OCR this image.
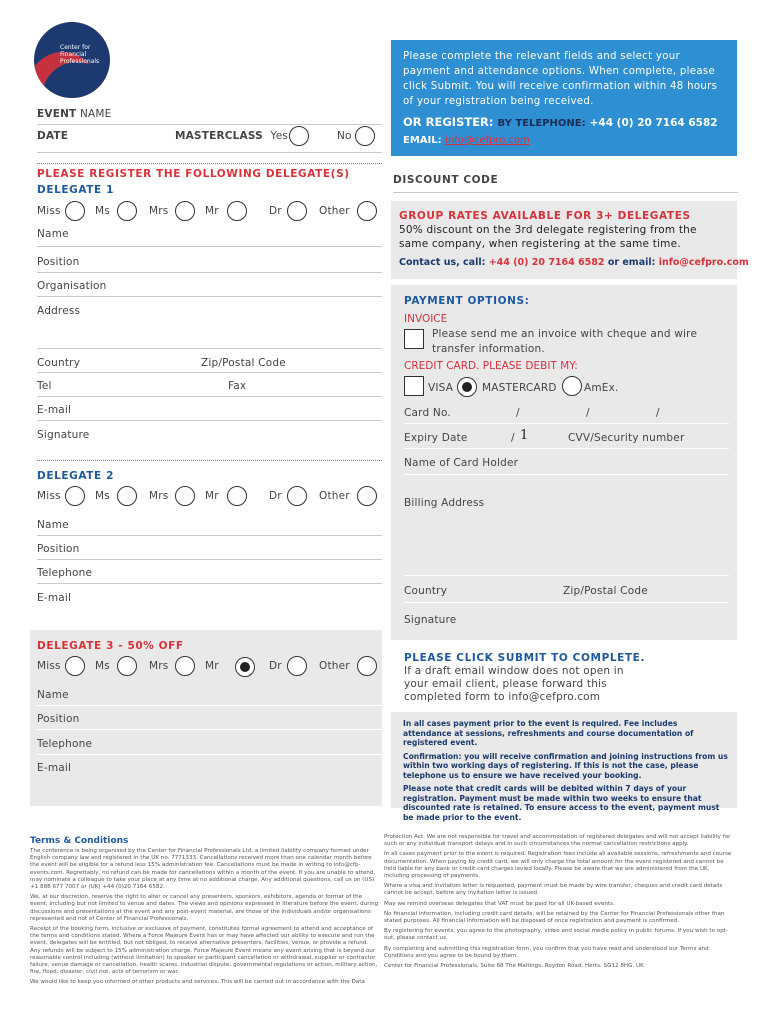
Center for
Financial
Professionals
EVENT NAME
DATE	MASTERCLASS Yes	No
Please complete the relevant fields and select your payment and attendance options. When complete, please click Submit. You will receive confirmation within 48 hours of your registration being received.
OR REGISTER: BY TELEPHONE: +44 (0) 20 7164 6582
EMAIL: info@cefpro.com
PLEASE REGISTER THE FOLLOWING DELEGATE(S)
DELEGATE 1
Miss	Ms	Mrs	Mr	Dr	Other
Name
Position
Organisation
Address
Country	Zip/Postal Code
Tel	Fax
E-mail
Signature
DELEGATE 2
Miss	Ms	Mrs	Mr	Dr	Other
Name
Position
Telephone
E-mail
DELEGATE 3 - 50% OFF
Miss	Ms	Mrs	Mr	Dr	Other
Name
Position
Telephone
E-mail
DISCOUNT CODE
GROUP RATES AVAILABLE FOR 3+ DELEGATES
50% discount on the 3rd delegate registering from the same company, when registering at the same time.
Contact us, call: +44 (0) 20 7164 6582 or email: info@cefpro.com
PAYMENT OPTIONS:
INVOICE
Please send me an invoice with cheque and wire transfer information.
CREDIT CARD. PLEASE DEBIT MY:
VISA	MASTERCARD	AmEx.
Card No.	/	/	/
Expiry Date	/ 1	CVV/Security number
Name of Card Holder
Billing Address
Country	Zip/Postal Code
Signature
PLEASE CLICK SUBMIT TO COMPLETE.
If a draft email window does not open in your email client, please forward this completed form to info@cefpro.com
In all cases payment prior to the event is required. Fee includes attendance at sessions, refreshments and course documentation of registered event.
Confirmation: you will receive confirmation and joining instructions from us within two working days of registering. If this is not the case, please telephone us to ensure we have received your booking.
Please note that credit cards will be debited within 7 days of your registration. Payment must be made within two weeks to ensure that discounted rate is retained. To ensure access to the event, payment must be made prior to the event.
Terms & Conditions

The conference is being organised by the Center for Financial Professionals Ltd, a limited liability company formed under English company law and registered in the UK no. 7771333. Cancellations received more than one calendar month before the event will be eligible for a refund less 15% administration fee. Cancellations must be made in writing to info@cfp-events.com. Regrettably, no refund can be made for cancellations within a month of the event. If you are unable to attend, may nominate a colleague to take your place at any time at no additional charge. Any additional questions, call us on (US) +1 888 677 7007 or (UK) +44 (0)20 7164 6582.

We, at our discretion, reserve the right to alter or cancel any presenters, sponsors, exhibitors, agenda or format of the event, including but not limited to venue and dates. The views and opinions expressed in literature before the event, during discussions and presentations at the event and any post-event material, are those of the individuals and/or organisations represented and not of Center of Financial Professionals.

Receipt of the booking form, inclusive or exclusive of payment, constitutes formal agreement to attend and acceptance of the terms and conditions stated. Where a Force Majeure Event has or may have affected our ability to execute and run the event, delegates will be entitled, but not obliged, to receive alternative presenters, facilities, venue, or provide a refund. Any refunds will be subject to 15% administration charge. Force Majeure Event means any event arising that is beyond our reasonable control including (without limitation) to speaker or participant cancellation or withdrawal, supplier or contractor failure, venue damage or cancellation, health scares, industrial dispute, governmental regulations or action, military action, fire, flood, disaster, civil riot, acts of terrorism or war.

We would like to keep you informed of other products and services. This will be carried out in accordance with the Data

Protection Act. We are not responsible for travel and accommodation of registered delegates and will not accept liability for such or any individual transport delays and in such circumstances the normal cancellation restrictions apply.

In all cases payment prior to the event is required. Registration fees include all available sessions, refreshments and course documentation. When paying by credit card, we will only charge the total amount for the event registered and cannot be held liable for any bank or credit card charges levied locally. Please be aware that we are administered from the UK, including processing of payments.

Where a visa and invitation letter is requested, payment must be made by wire transfer, cheques and credit card details cannot be accept, before any invitation letter is issued.

May we remind overseas delegates that VAT must be paid for all UK-based events.

No financial information, including credit card details, will be retained by the Center for Financial Professionals other than stated purposes. All financial information will be disposed of once registration and payment is confirmed.

By registering for events, you agree to the photography, video and social media policy in public forums. If you wish to opt-out, please contact us.

By completing and submitting this registration form, you confirm that you have read and understood our Terms and Conditions and you agree to be bound by them.

Center for Financial Professionals, Suite 68 The Maltings, Roydon Road, Herts. SG12 8HG. UK
